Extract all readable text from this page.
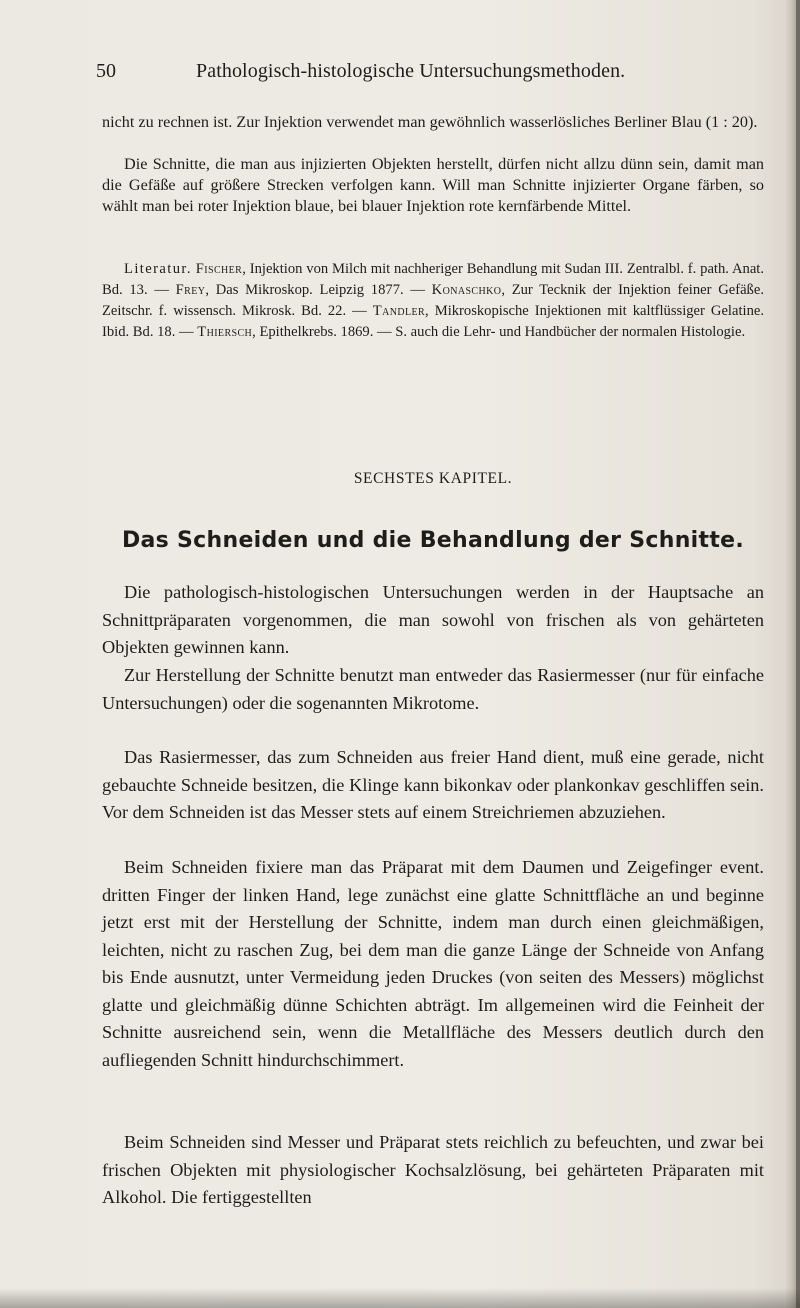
50	Pathologisch-histologische Untersuchungsmethoden.

nicht zu rechnen ist. Zur Injektion verwendet man gewöhnlich wasserlösliches Berliner Blau (1 : 20).

Die Schnitte, die man aus injizierten Objekten herstellt, dürfen nicht allzu dünn sein, damit man die Gefäße auf größere Strecken verfolgen kann. Will man Schnitte injizierter Organe färben, so wählt man bei roter Injektion blaue, bei blauer Injektion rote kernfärbende Mittel.

Literatur. Fischer, Injektion von Milch mit nachheriger Behandlung mit Sudan III. Zentralbl. f. path. Anat. Bd. 13. — Frey, Das Mikroskop. Leipzig 1877. — Konaschko, Zur Tecknik der Injektion feiner Gefäße. Zeitschr. f. wissensch. Mikrosk. Bd. 22. — Tandler, Mikroskopische Injektionen mit kaltflüssiger Gelatine. Ibid. Bd. 18. — Thiersch, Epithelkrebs. 1869. — S. auch die Lehr- und Handbücher der normalen Histologie.

SECHSTES KAPITEL.
Das Schneiden und die Behandlung der Schnitte.

Die pathologisch-histologischen Untersuchungen werden in der Hauptsache an Schnittpräparaten vorgenommen, die man sowohl von frischen als von gehärteten Objekten gewinnen kann.

Zur Herstellung der Schnitte benutzt man entweder das Rasiermesser (nur für einfache Untersuchungen) oder die sogenannten Mikrotome.

Das Rasiermesser, das zum Schneiden aus freier Hand dient, muß eine gerade, nicht gebauchte Schneide besitzen, die Klinge kann bikonkav oder plankonkav geschliffen sein. Vor dem Schneiden ist das Messer stets auf einem Streichriemen abzuziehen.

Beim Schneiden fixiere man das Präparat mit dem Daumen und Zeigefinger event. dritten Finger der linken Hand, lege zunächst eine glatte Schnittfläche an und beginne jetzt erst mit der Herstellung der Schnitte, indem man durch einen gleichmäßigen, leichten, nicht zu raschen Zug, bei dem man die ganze Länge der Schneide von Anfang bis Ende ausnutzt, unter Vermeidung jeden Druckes (von seiten des Messers) möglichst glatte und gleichmäßig dünne Schichten abträgt. Im allgemeinen wird die Feinheit der Schnitte ausreichend sein, wenn die Metallfläche des Messers deutlich durch den aufliegenden Schnitt hindurchschimmert.

Beim Schneiden sind Messer und Präparat stets reichlich zu befeuchten, und zwar bei frischen Objekten mit physiologischer Kochsalzlösung, bei gehärteten Präparaten mit Alkohol. Die fertiggestellten
